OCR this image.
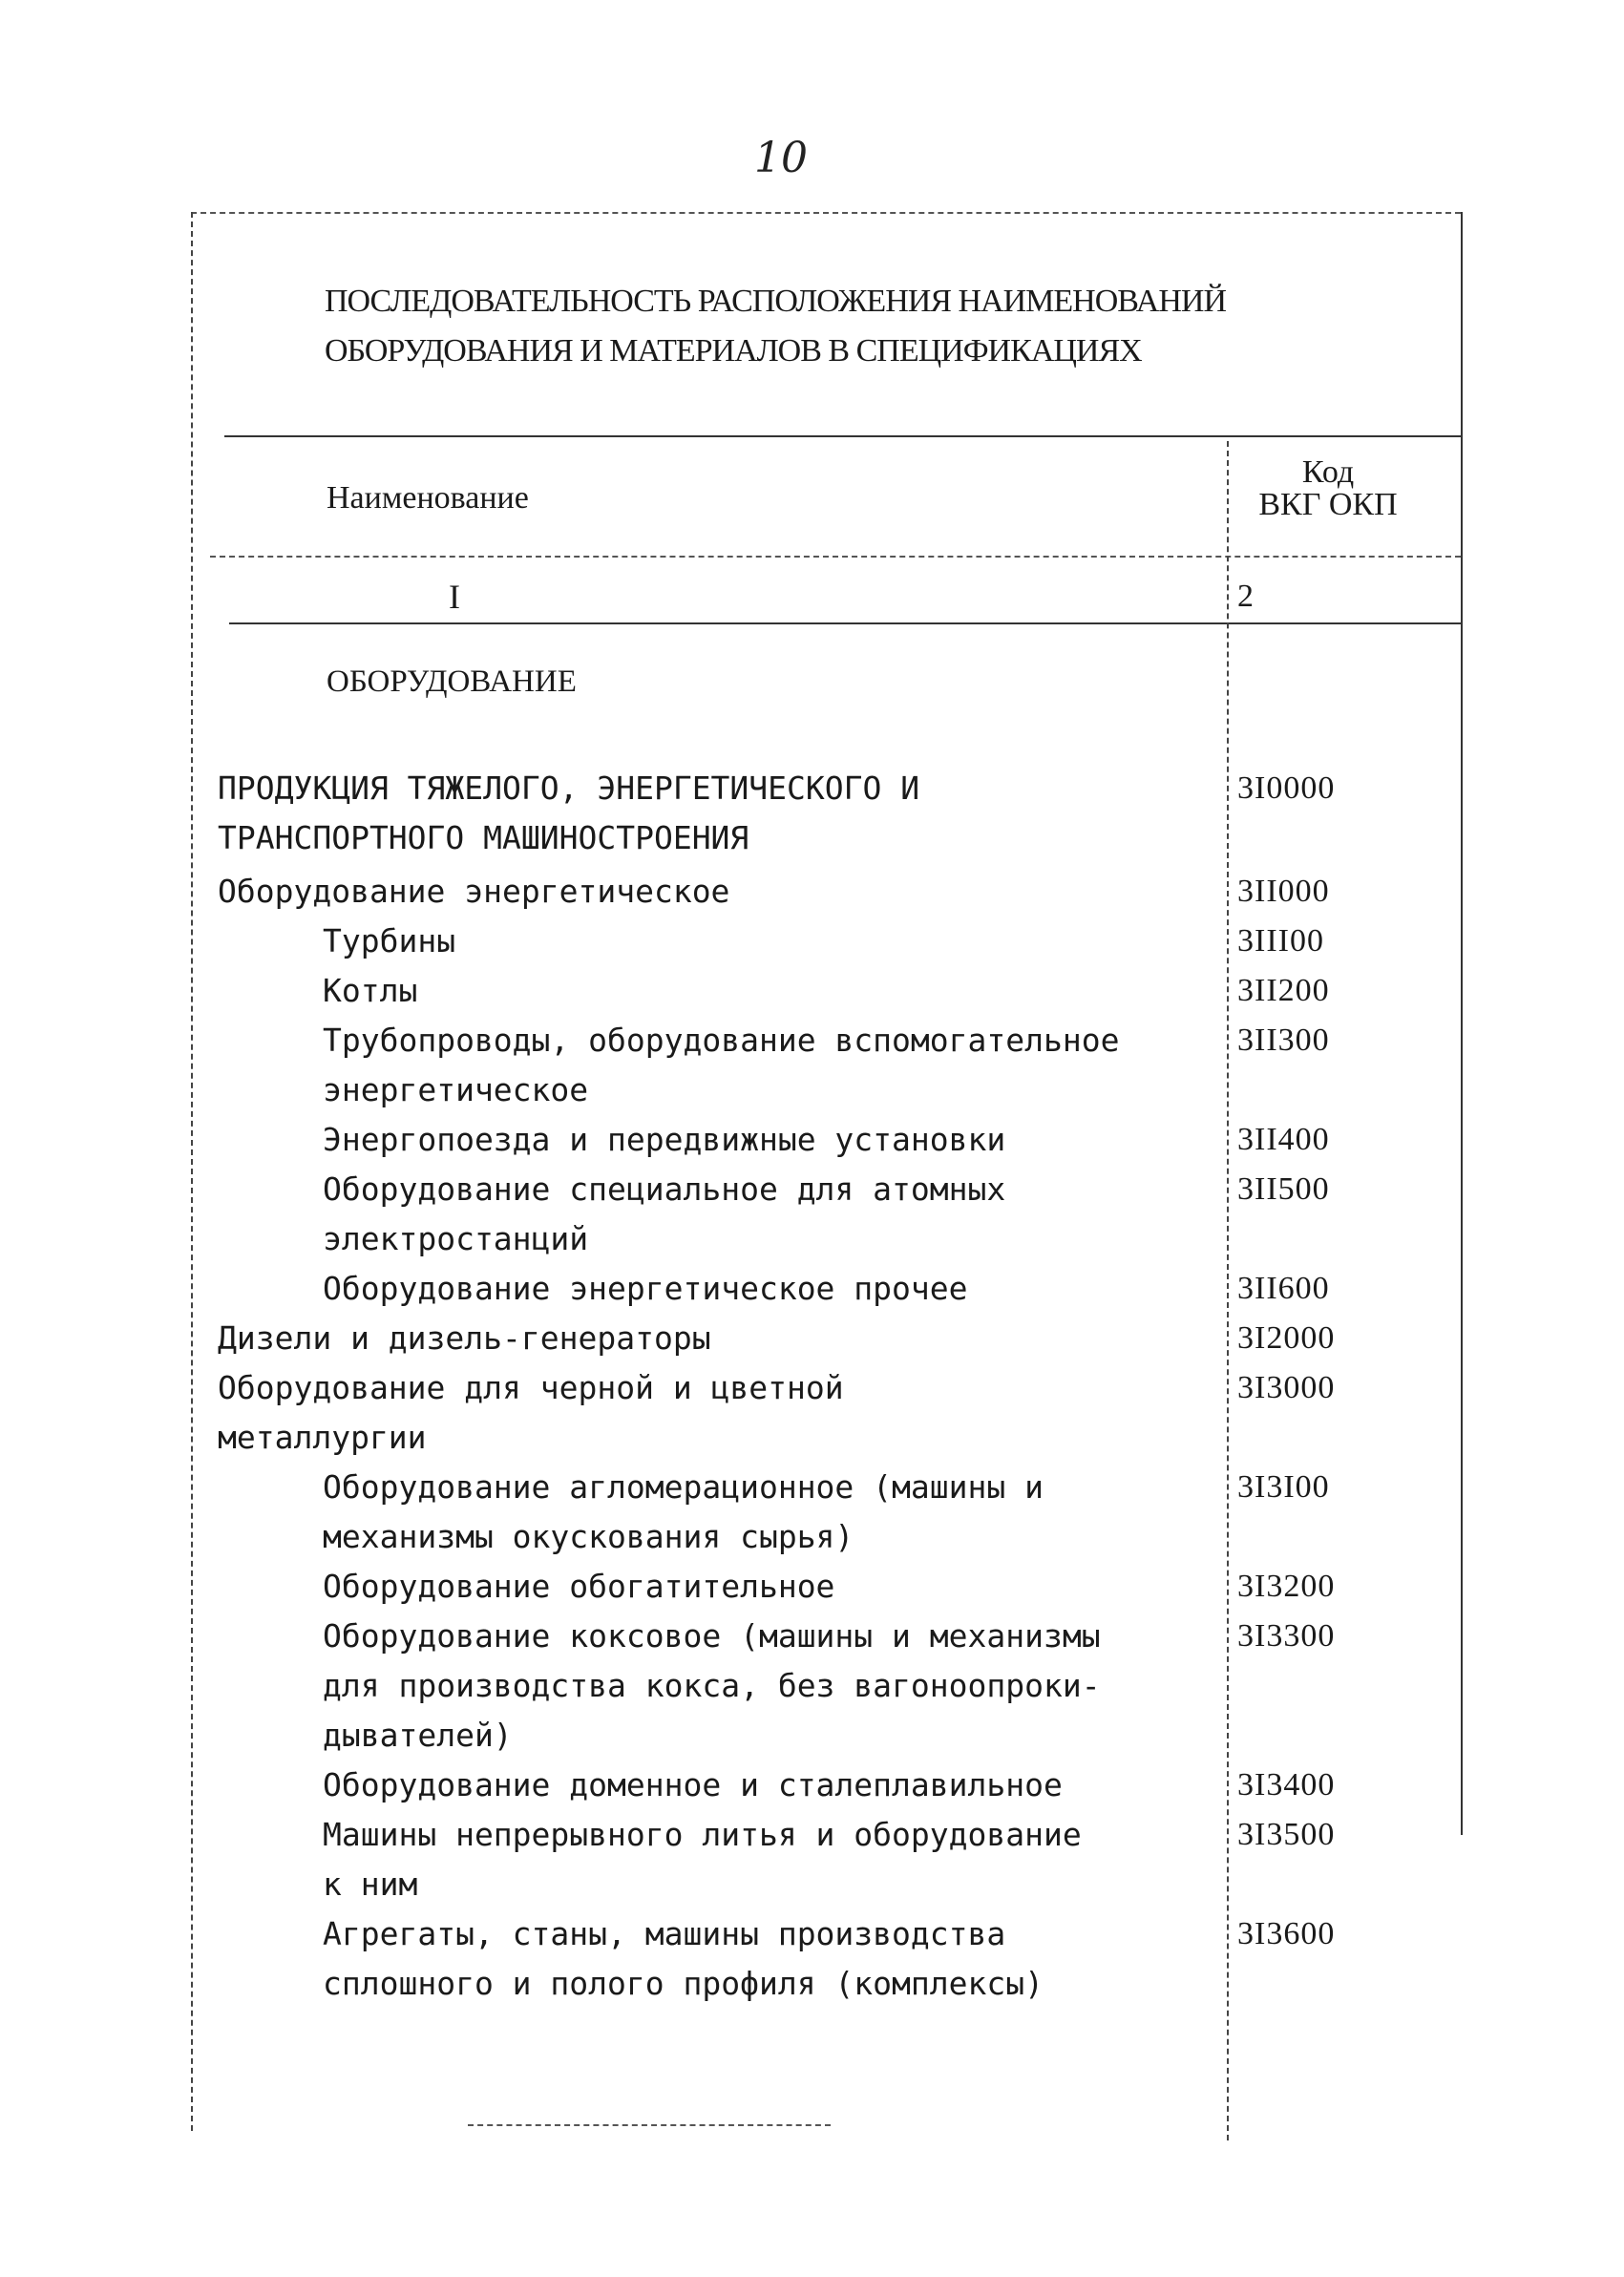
10
ПОСЛЕДОВАТЕЛЬНОСТЬ РАСПОЛОЖЕНИЯ НАИМЕНОВАНИЙ
ОБОРУДОВАНИЯ И МАТЕРИАЛОВ В СПЕЦИФИКАЦИЯХ
Наименование
Код
ВКГ ОКП
I	2
ОБОРУДОВАНИЕ
ПРОДУКЦИЯ ТЯЖЕЛОГО, ЭНЕРГЕТИЧЕСКОГО И
ТРАНСПОРТНОГО МАШИНОСТРОЕНИЯ
3I0000
Оборудование энергетическое	3II000
Турбины	3III00
Котлы	3II200
Трубопроводы, оборудование вспомогательное
энергетическое
3II300
Энергопоезда и передвижные установки	3II400
Оборудование специальное для атомных
электростанций
3II500
Оборудование энергетическое прочее	3II600
Дизели и дизель-генераторы	3I2000
Оборудование для черной и цветной
металлургии
3I3000
Оборудование агломерационное (машины и
механизмы окускования сырья)
3I3I00
Оборудование обогатительное	3I3200
Оборудование коксовое (машины и механизмы
для производства кокса, без вагоноопроки-
дывателей)
3I3300
Оборудование доменное и сталеплавильное	3I3400
Машины непрерывного литья и оборудование
к ним
3I3500
Агрегаты, станы, машины производства
сплошного и полого профиля (комплексы)
3I3600
